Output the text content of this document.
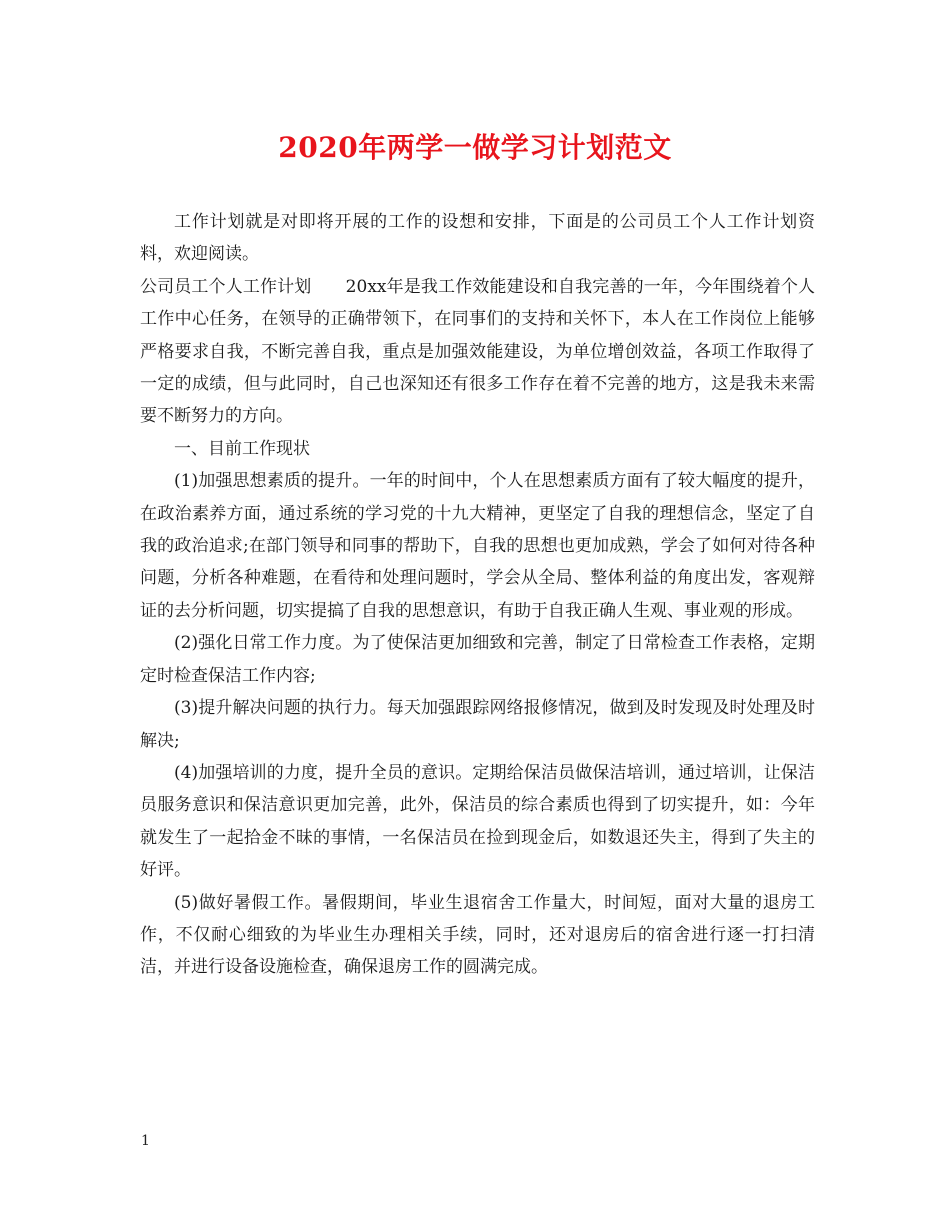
2020年两学一做学习计划范文

工作计划就是对即将开展的工作的设想和安排，下面是的公司员工个人工作计划资料，欢迎阅读。

公司员工个人工作计划　　20xx年是我工作效能建设和自我完善的一年，今年围绕着个人工作中心任务，在领导的正确带领下，在同事们的支持和关怀下，本人在工作岗位上能够严格要求自我，不断完善自我，重点是加强效能建设，为单位增创效益，各项工作取得了一定的成绩，但与此同时，自己也深知还有很多工作存在着不完善的地方，这是我未来需要不断努力的方向。

一、目前工作现状

(1)加强思想素质的提升。一年的时间中，个人在思想素质方面有了较大幅度的提升，在政治素养方面，通过系统的学习党的十九大精神，更坚定了自我的理想信念，坚定了自我的政治追求;在部门领导和同事的帮助下，自我的思想也更加成熟，学会了如何对待各种问题，分析各种难题，在看待和处理问题时，学会从全局、整体利益的角度出发，客观辩证的去分析问题，切实提搞了自我的思想意识，有助于自我正确人生观、事业观的形成。

(2)强化日常工作力度。为了使保洁更加细致和完善，制定了日常检查工作表格，定期定时检查保洁工作内容;

(3)提升解决问题的执行力。每天加强跟踪网络报修情况，做到及时发现及时处理及时解决;

(4)加强培训的力度，提升全员的意识。定期给保洁员做保洁培训，通过培训，让保洁员服务意识和保洁意识更加完善，此外，保洁员的综合素质也得到了切实提升，如：今年就发生了一起拾金不昧的事情，一名保洁员在捡到现金后，如数退还失主，得到了失主的好评。

(5)做好暑假工作。暑假期间，毕业生退宿舍工作量大，时间短，面对大量的退房工作，不仅耐心细致的为毕业生办理相关手续，同时，还对退房后的宿舍进行逐一打扫清洁，并进行设备设施检查，确保退房工作的圆满完成。

1
